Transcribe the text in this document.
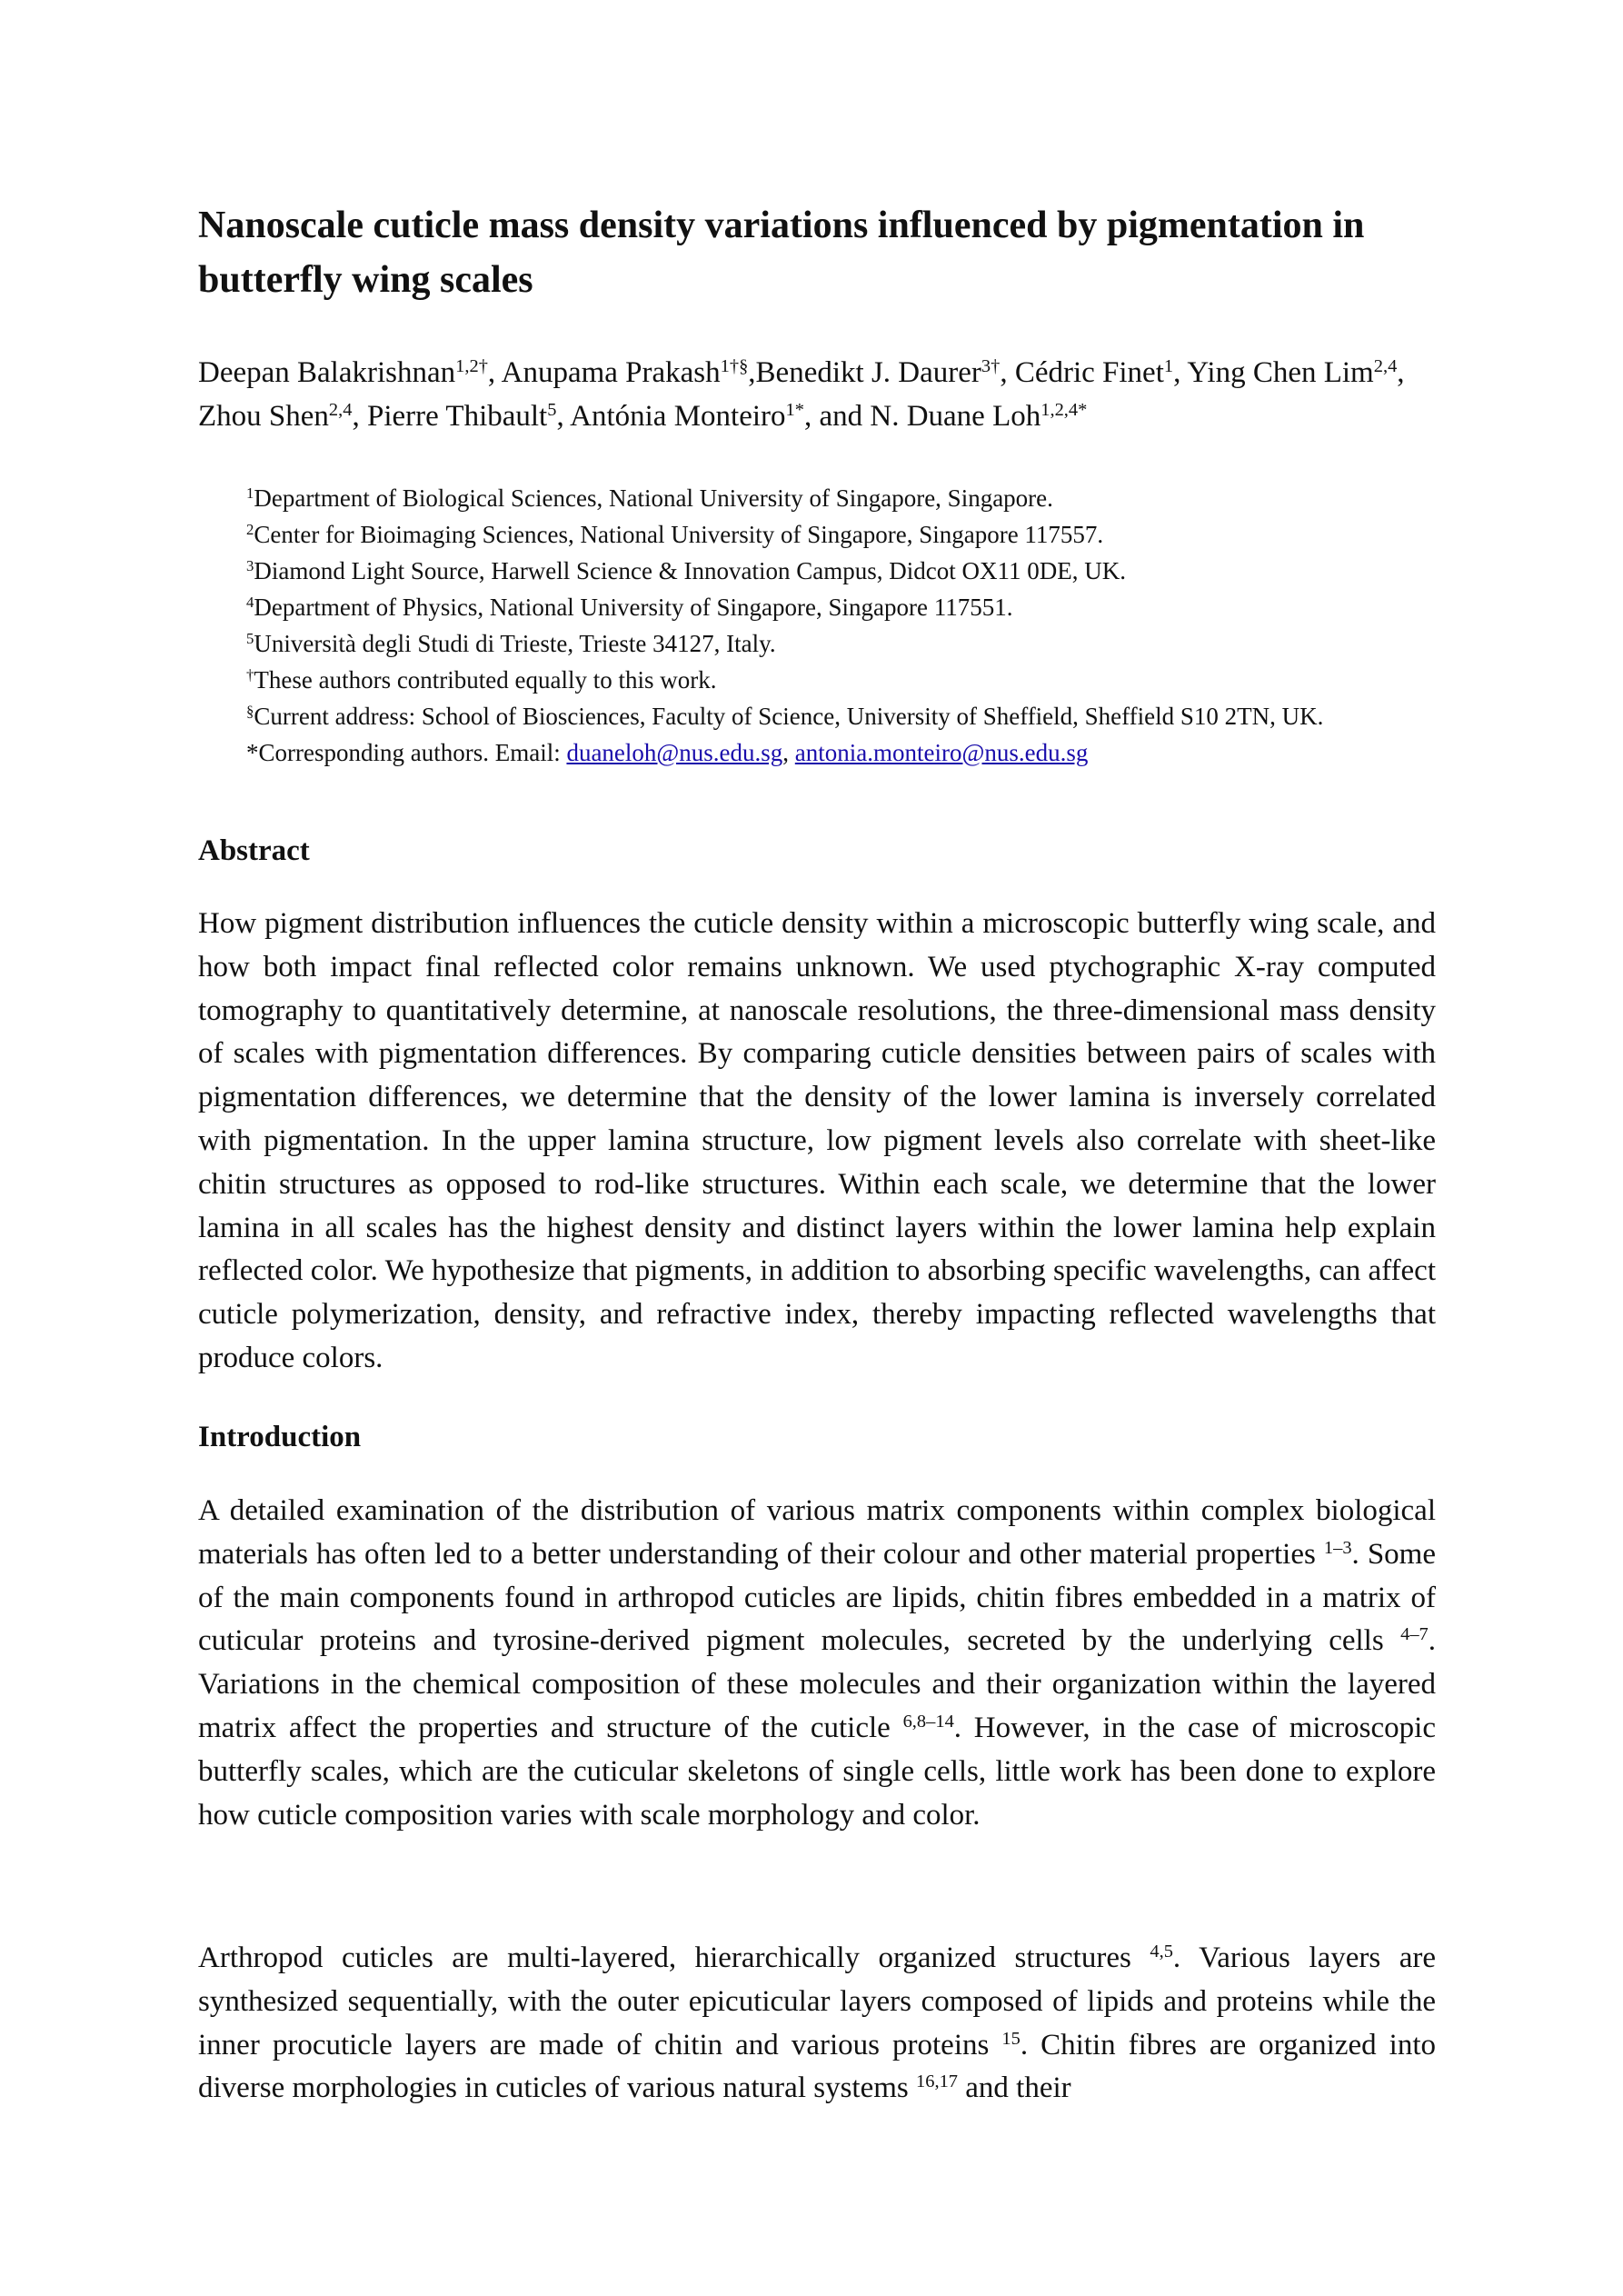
Nanoscale cuticle mass density variations influenced by pigmentation in butterfly wing scales

Deepan Balakrishnan$^{1,2\dagger}$, Anupama Prakash$^{1\dagger\S}$,Benedikt J. Daurer$^{3\dagger}$, Cédric Finet$^1$, Ying Chen Lim$^{2,4}$, Zhou Shen$^{2,4}$, Pierre Thibault$^5$, Antónia Monteiro$^{1*}$, and N. Duane Loh$^{1,2,4*}$

$^1$Department of Biological Sciences, National University of Singapore, Singapore.
$^2$Center for Bioimaging Sciences, National University of Singapore, Singapore 117557.
$^3$Diamond Light Source, Harwell Science & Innovation Campus, Didcot OX11 0DE, UK.
$^4$Department of Physics, National University of Singapore, Singapore 117551.
$^5$Università degli Studi di Trieste, Trieste 34127, Italy.
†These authors contributed equally to this work.
§Current address: School of Biosciences, Faculty of Science, University of Sheffield, Sheffield S10 2TN, UK.
*Corresponding authors. Email: duaneloh@nus.edu.sg, antonia.monteiro@nus.edu.sg
Abstract

How pigment distribution influences the cuticle density within a microscopic butterfly wing scale, and how both impact final reflected color remains unknown. We used ptychographic X-ray computed tomography to quantitatively determine, at nanoscale resolutions, the three-dimensional mass density of scales with pigmentation differences. By comparing cuticle densities between pairs of scales with pigmentation differences, we determine that the density of the lower lamina is inversely correlated with pigmentation. In the upper lamina structure, low pigment levels also correlate with sheet-like chitin structures as opposed to rod-like structures. Within each scale, we determine that the lower lamina in all scales has the highest density and distinct layers within the lower lamina help explain reflected color. We hypothesize that pigments, in addition to absorbing specific wavelengths, can affect cuticle polymerization, density, and refractive index, thereby impacting reflected wavelengths that produce colors.

Introduction

A detailed examination of the distribution of various matrix components within complex biological materials has often led to a better understanding of their colour and other material properties $^{1-3}$. Some of the main components found in arthropod cuticles are lipids, chitin fibres embedded in a matrix of cuticular proteins and tyrosine-derived pigment molecules, secreted by the underlying cells $^{4-7}$. Variations in the chemical composition of these molecules and their organization within the layered matrix affect the properties and structure of the cuticle $^{6,8-14}$. However, in the case of microscopic butterfly scales, which are the cuticular skeletons of single cells, little work has been done to explore how cuticle composition varies with scale morphology and color.

Arthropod cuticles are multi-layered, hierarchically organized structures $^{4,5}$. Various layers are synthesized sequentially, with the outer epicuticular layers composed of lipids and proteins while the inner procuticle layers are made of chitin and various proteins $^{15}$. Chitin fibres are organized into diverse morphologies in cuticles of various natural systems $^{16,17}$ and their
